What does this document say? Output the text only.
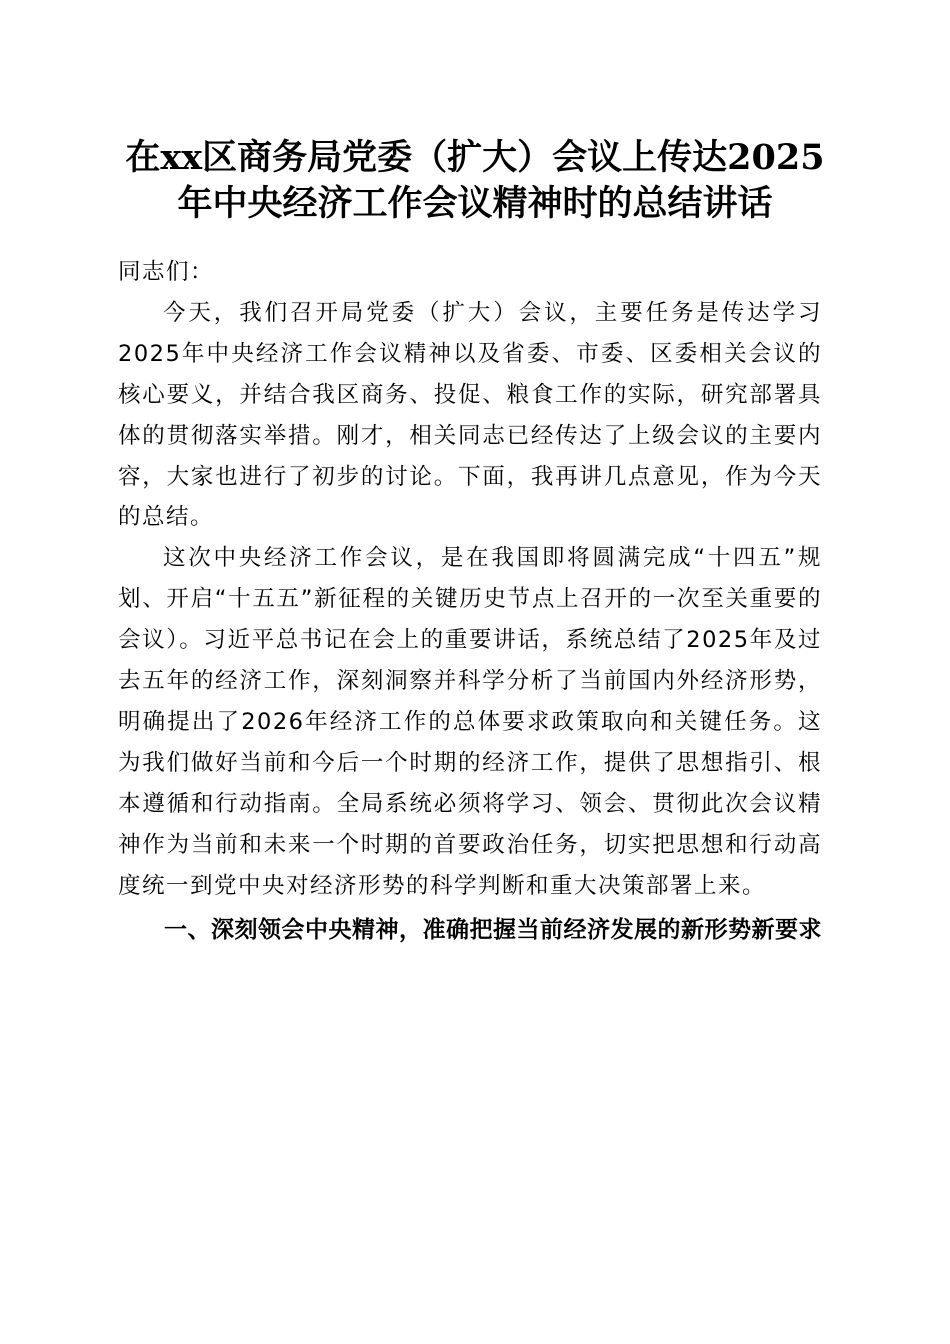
在xx区商务局党委（扩大）会议上传达2025年中央经济工作会议精神时的总结讲话

同志们：

今天，我们召开局党委（扩大）会议，主要任务是传达学习2025年中央经济工作会议精神以及省委、市委、区委相关会议的核心要义，并结合我区商务、投促、粮食工作的实际，研究部署具体的贯彻落实举措。刚才，相关同志已经传达了上级会议的主要内容，大家也进行了初步的讨论。下面，我再讲几点意见，作为今天的总结。

这次中央经济工作会议，是在我国即将圆满完成“十四五”规划、开启“十五五”新征程的关键历史节点上召开的一次至关重要的会议）。习近平总书记在会上的重要讲话，系统总结了2025年及过去五年的经济工作，深刻洞察并科学分析了当前国内外经济形势，明确提出了2026年经济工作的总体要求政策取向和关键任务。这为我们做好当前和今后一个时期的经济工作，提供了思想指引、根本遵循和行动指南。全局系统必须将学习、领会、贯彻此次会议精神作为当前和未来一个时期的首要政治任务，切实把思想和行动高度统一到党中央对经济形势的科学判断和重大决策部署上来。

一、深刻领会中央精神，准确把握当前经济发展的新形势新要求
